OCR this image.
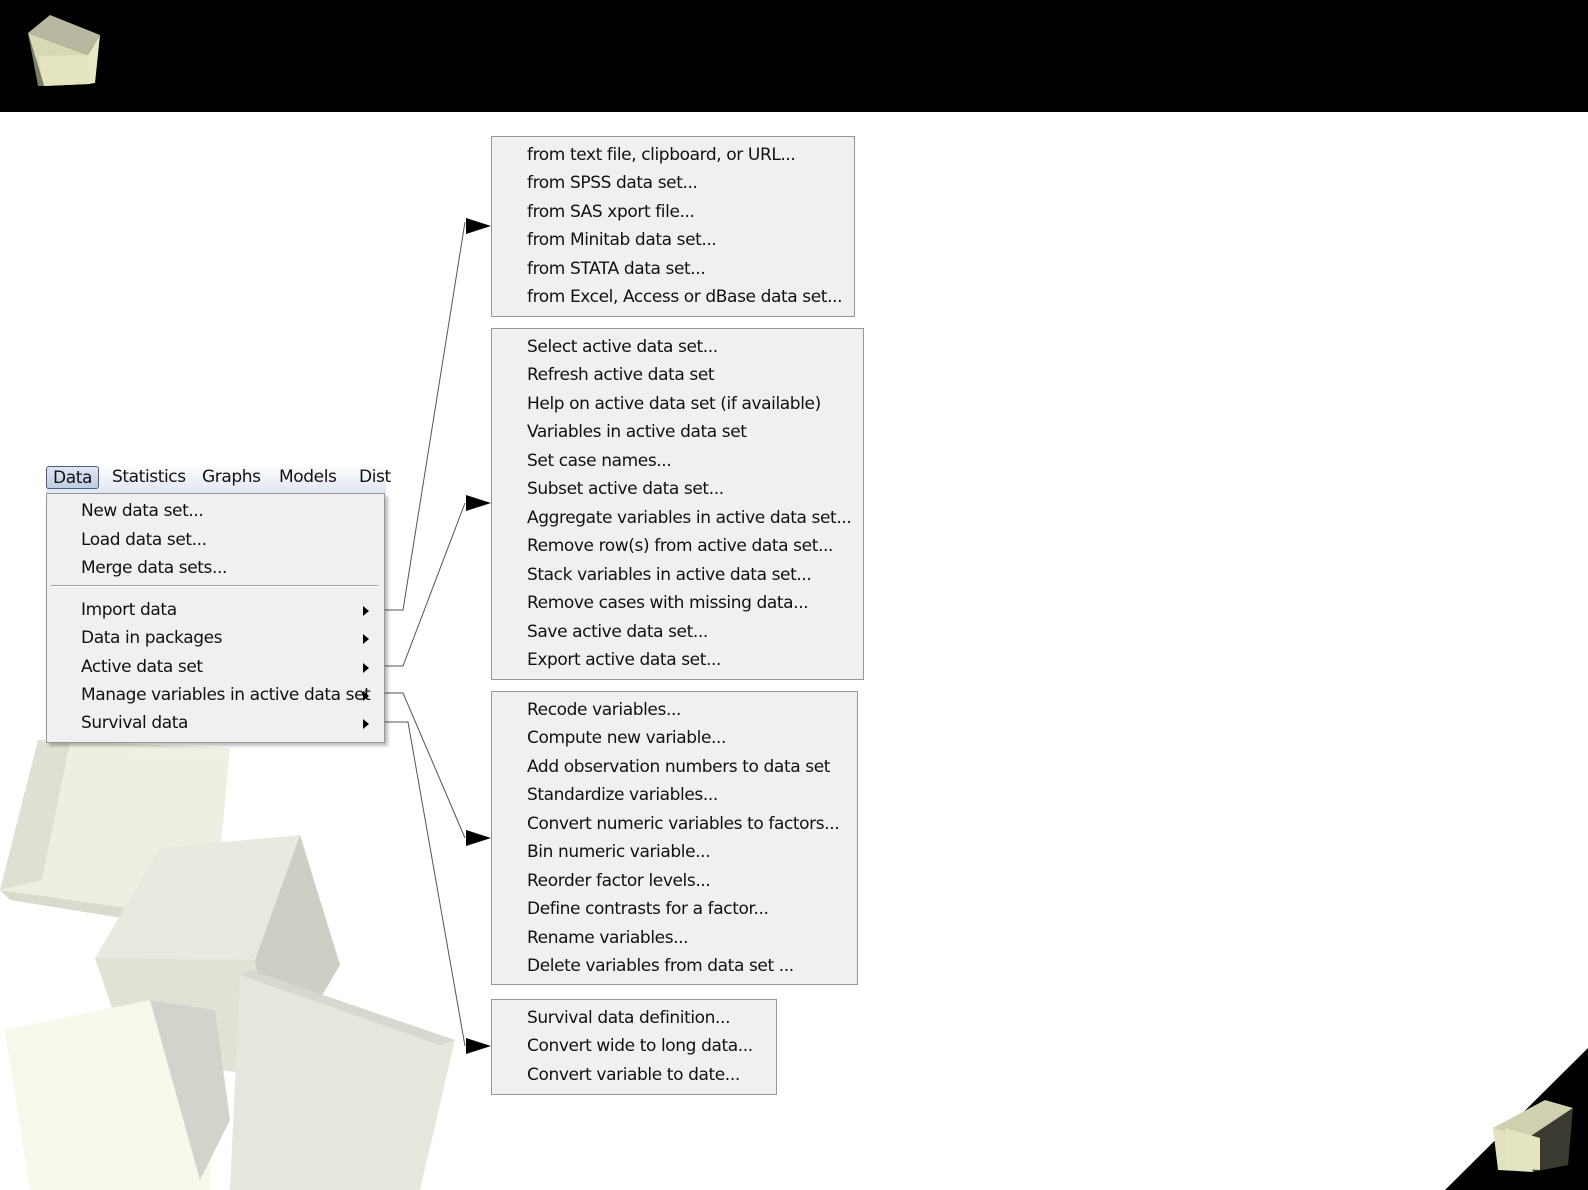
Data	Statistics Graphs Models Dist
New data set...
Load data set...
Merge data sets...
Import data
Data in packages
Active data set
Manage variables in active data set
Survival data
from text file, clipboard, or URL...
from SPSS data set...
from SAS xport file...
from Minitab data set...
from STATA data set...
from Excel, Access or dBase data set...
Select active data set...
Refresh active data set
Help on active data set (if available)
Variables in active data set
Set case names...
Subset active data set...
Aggregate variables in active data set...
Remove row(s) from active data set...
Stack variables in active data set...
Remove cases with missing data...
Save active data set...
Export active data set...
Recode variables...
Compute new variable...
Add observation numbers to data set
Standardize variables...
Convert numeric variables to factors...
Bin numeric variable...
Reorder factor levels...
Define contrasts for a factor...
Rename variables...
Delete variables from data set ...
Survival data definition...
Convert wide to long data...
Convert variable to date...
